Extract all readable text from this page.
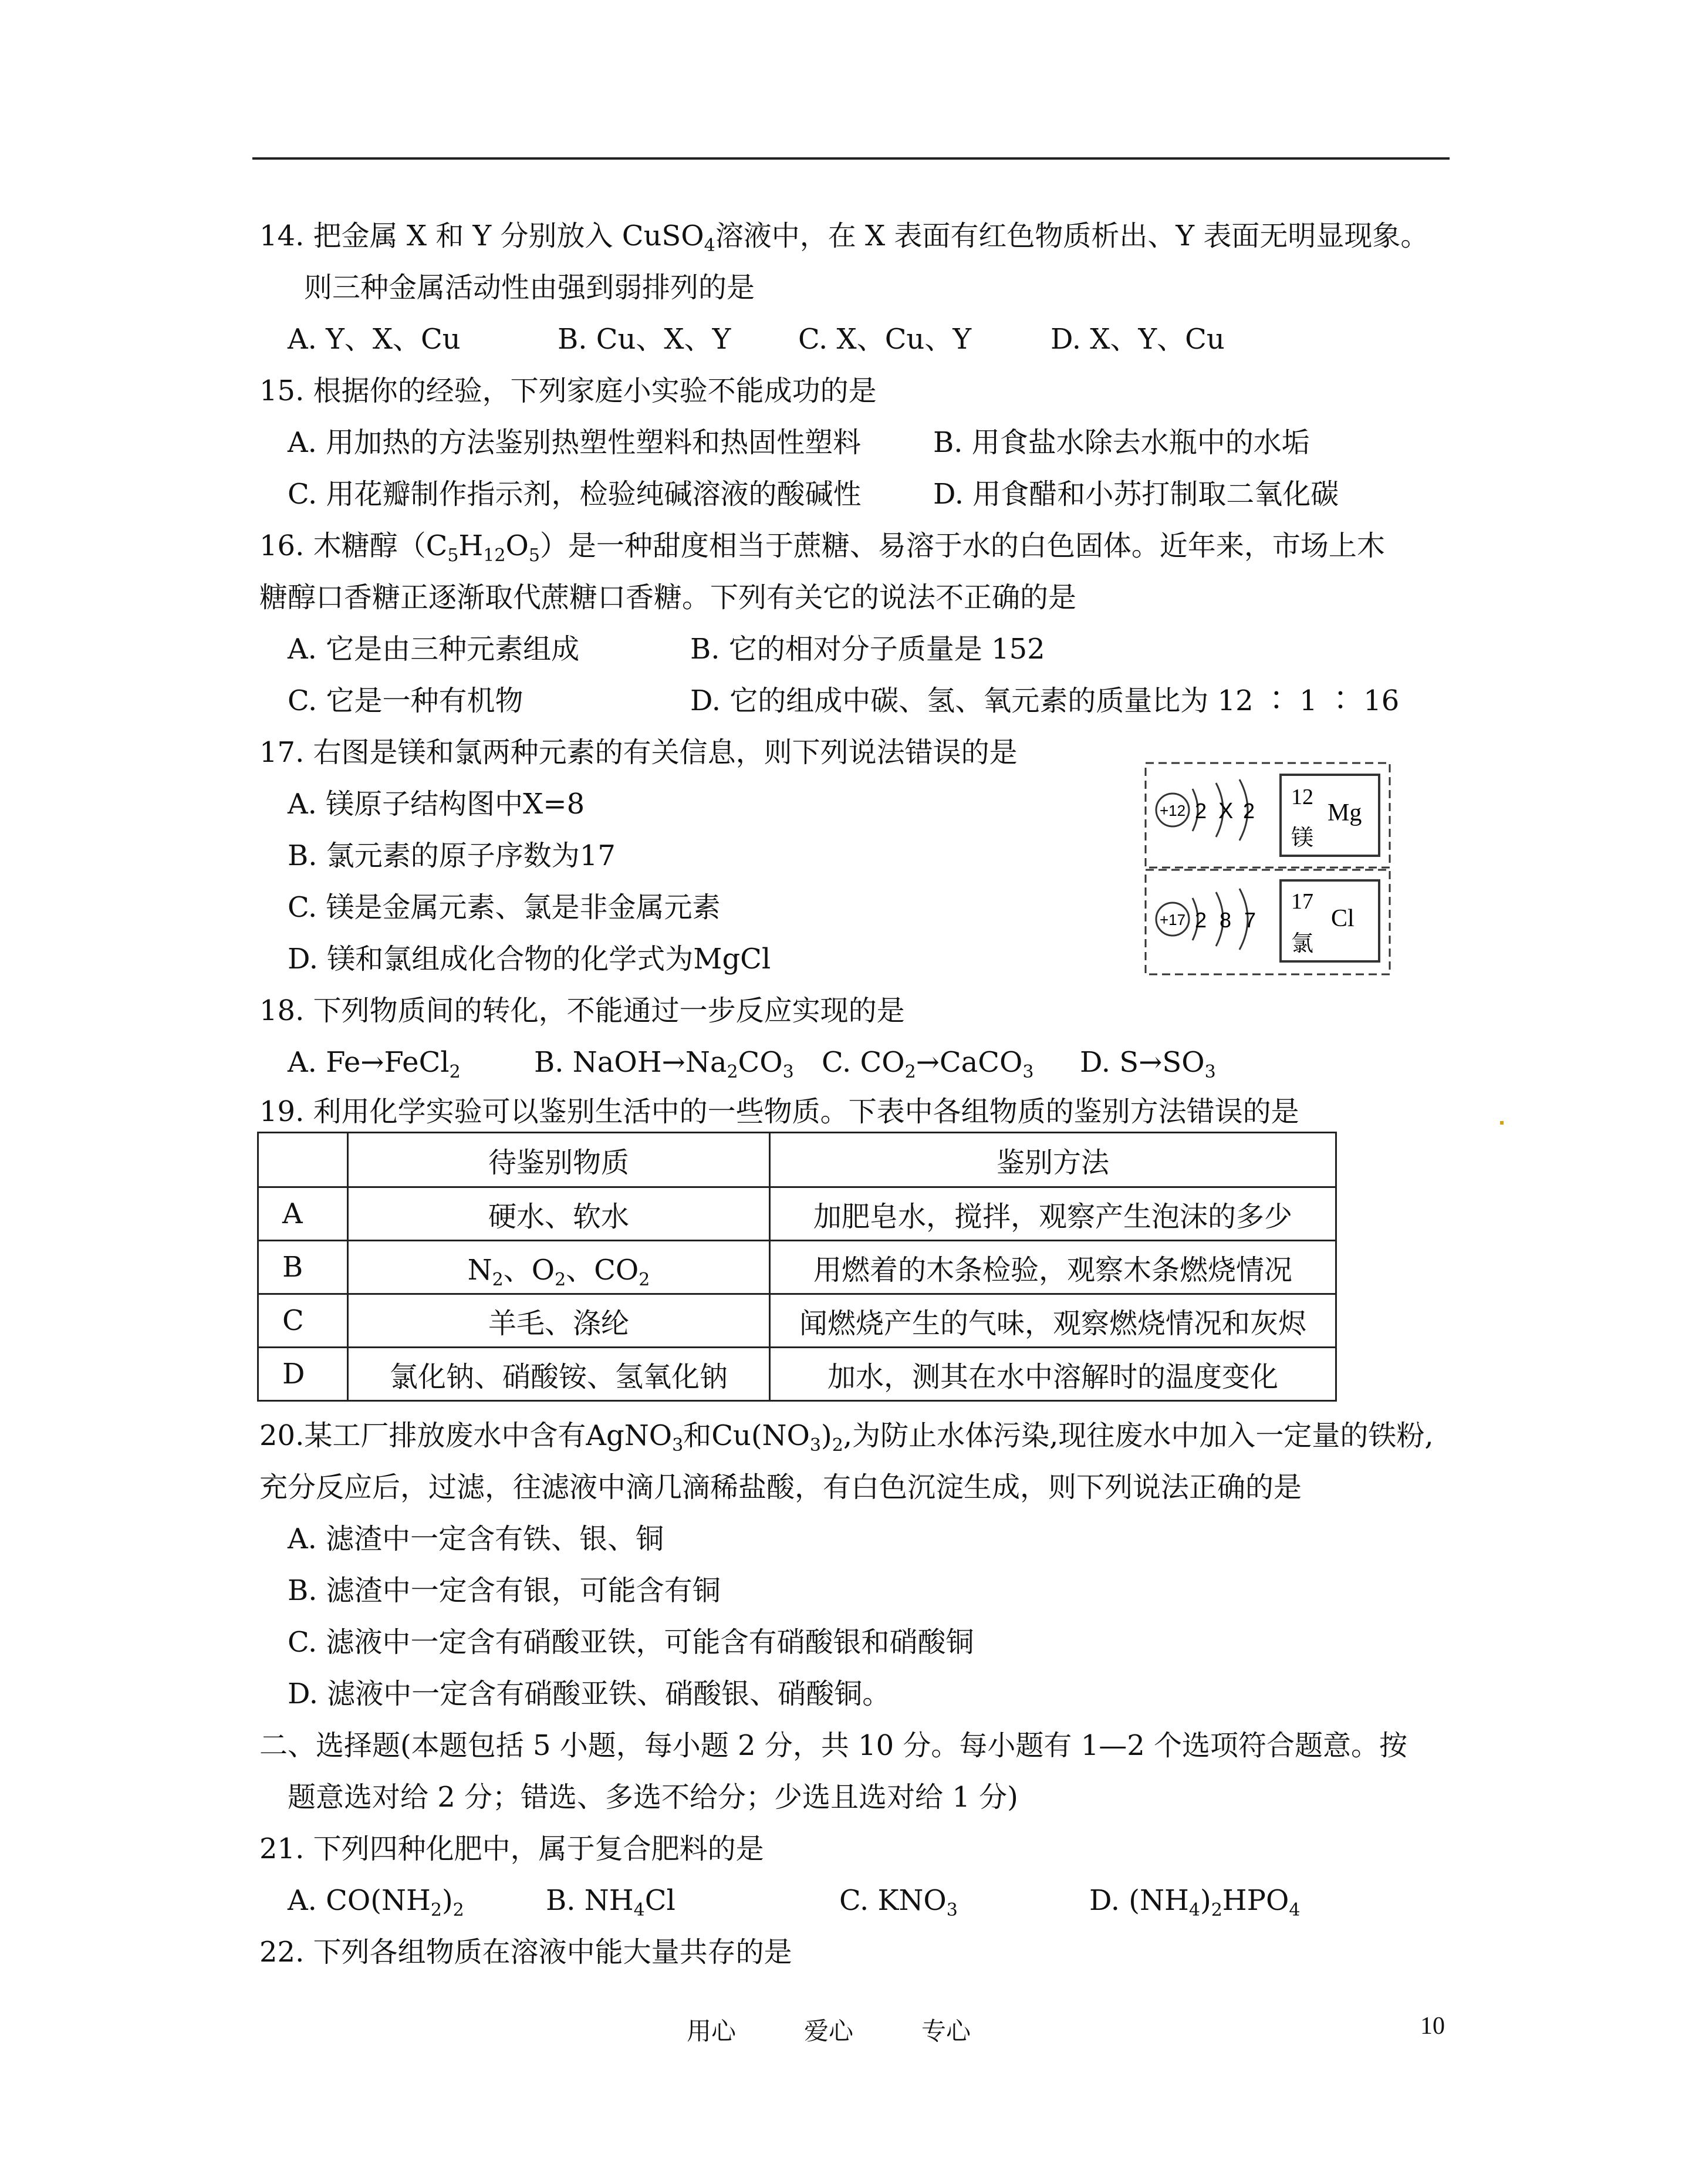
14. 把金属 X 和 Y 分别放入 CuSO$_4$溶液中，在 X 表面有红色物质析出、Y 表面无明显现象。
则三种金属活动性由强到弱排列的是
A. Y、X、Cu	B. Cu、X、Y C. X、Cu、Y	D. X、Y、Cu
15. 根据你的经验，下列家庭小实验不能成功的是
A. 用加热的方法鉴别热塑性塑料和热固性塑料	B. 用食盐水除去水瓶中的水垢
C. 用花瓣制作指示剂，检验纯碱溶液的酸碱性	D. 用食醋和小苏打制取二氧化碳
16. 木糖醇$(C_5H_{12}O_5)$是一种甜度相当于蔗糖、易溶于水的白色固体。近年来，市场上木
糖醇口香糖正逐渐取代蔗糖口香糖。下列有关它的说法不正确的是
A. 它是由三种元素组成	B. 它的相对分子质量是 152
C. 它是一种有机物	D. 它的组成中碳、氢、氧元素的质量比为 12 ∶ 1 ∶ 16
17. 右图是镁和氯两种元素的有关信息，则下列说法错误的是
A. 镁原子结构图中X=8
B. 氯元素的原子序数为17
C. 镁是金属元素、氯是非金属元素
D. 镁和氯组成化合物的化学式为MgCl
+12 2 X 2
12
Mg
镁
+17 2 8 7
17
Cl
氯
18. 下列物质间的转化，不能通过一步反应实现的是
A. Fe→FeCl$_2$	B. $NaOH\to Na_2CO_3$ C. $CO_2\to CaCO_3$ D. $S\to SO_3$
19. 利用化学实验可以鉴别生活中的一些物质。下表中各组物质的鉴别方法错误的是
	待鉴别物质	鉴别方法
A	硬水、软水	加肥皂水，搅拌，观察产生泡沫的多少
B	$N_2$、$O_2$、$CO_2$	用燃着的木条检验，观察木条燃烧情况
C	羊毛、涤纶	闻燃烧产生的气味，观察燃烧情况和灰烬
D	氯化钠、硝酸铵、氢氧化钠	加水，测其在水中溶解时的温度变化
20.某工厂排放废水中含有AgNO$_3$和$Cu(NO_3)_2$,为防止水体污染,现往废水中加入一定量的铁粉,
充分反应后，过滤，往滤液中滴几滴稀盐酸，有白色沉淀生成，则下列说法正确的是
A. 滤渣中一定含有铁、银、铜
B. 滤渣中一定含有银，可能含有铜
C. 滤液中一定含有硝酸亚铁，可能含有硝酸银和硝酸铜
D. 滤液中一定含有硝酸亚铁、硝酸银、硝酸铜。
二、选择题(本题包括 5 小题，每小题 2 分，共 10 分。每小题有 1—2 个选项符合题意。按
题意选对给 2 分；错选、多选不给分；少选且选对给 1 分)
21. 下列四种化肥中，属于复合肥料的是
A. $CO(NH_2)_2$	B. $NH_4Cl$	C. $KNO_3$	D. $(NH_4)_2HPO_4$
22. 下列各组物质在溶液中能大量共存的是
用心	爱心	专心	10
